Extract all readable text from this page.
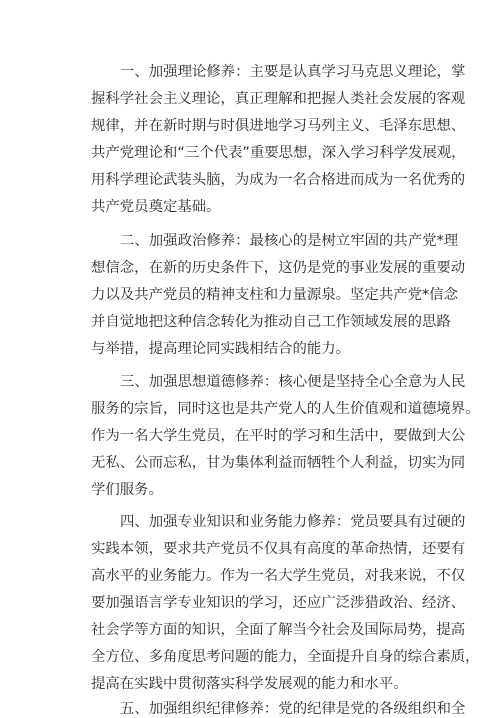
一、加强理论修养：主要是认真学习马克思义理论，掌
握科学社会主义理论，真正理解和把握人类社会发展的客观
规律，并在新时期与时俱进地学习马列主义、毛泽东思想、
共产党理论和“三个代表”重要思想，深入学习科学发展观，
用科学理论武装头脑，为成为一名合格进而成为一名优秀的
共产党员奠定基础。
二、加强政治修养：最核心的是树立牢固的共产党*理
想信念，在新的历史条件下，这仍是党的事业发展的重要动
力以及共产党员的精神支柱和力量源泉。坚定共产党*信念
并自觉地把这种信念转化为推动自己工作领域发展的思路
与举措，提高理论同实践相结合的能力。
三、加强思想道德修养：核心便是坚持全心全意为人民
服务的宗旨，同时这也是共产党人的人生价值观和道德境界。
作为一名大学生党员，在平时的学习和生活中，要做到大公
无私、公而忘私，甘为集体利益而牺牲个人利益，切实为同
学们服务。
四、加强专业知识和业务能力修养：党员要具有过硬的
实践本领，要求共产党员不仅具有高度的革命热情，还要有
高水平的业务能力。作为一名大学生党员，对我来说，不仅
要加强语言学专业知识的学习，还应广泛涉猎政治、经济、
社会学等方面的知识，全面了解当今社会及国际局势，提高
全方位、多角度思考问题的能力，全面提升自身的综合素质，
提高在实践中贯彻落实科学发展观的能力和水平。
五、加强组织纪律修养：党的纪律是党的各级组织和全
